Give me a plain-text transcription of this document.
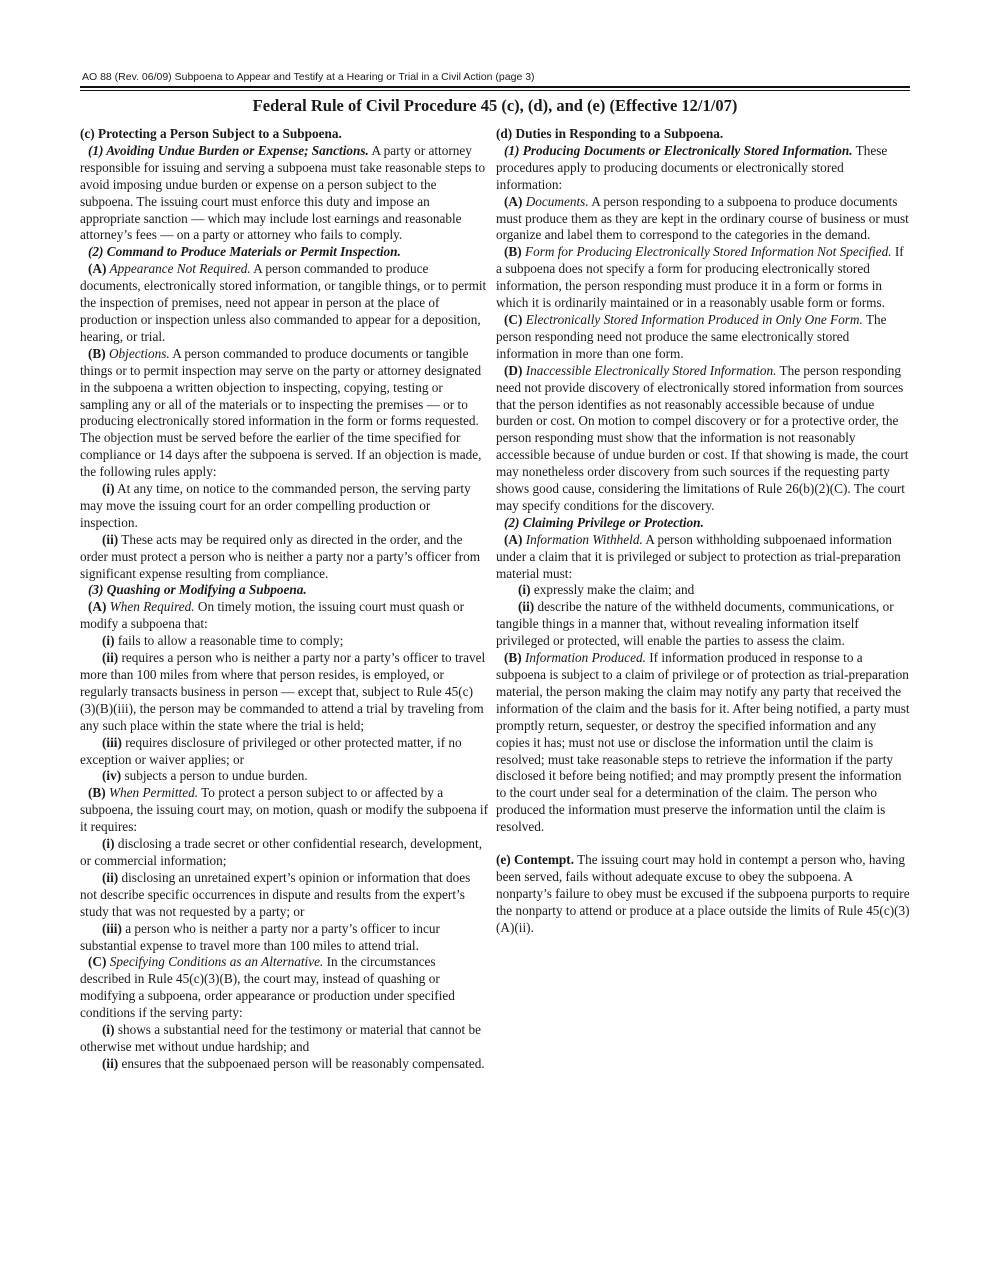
AO 88 (Rev. 06/09) Subpoena to Appear and Testify at a Hearing or Trial in a Civil Action (page 3)
Federal Rule of Civil Procedure 45 (c), (d), and (e) (Effective 12/1/07)

(c) Protecting a Person Subject to a Subpoena.

(1) Avoiding Undue Burden or Expense; Sanctions. A party or attorney responsible for issuing and serving a subpoena must take reasonable steps to avoid imposing undue burden or expense on a person subject to the subpoena. The issuing court must enforce this duty and impose an appropriate sanction — which may include lost earnings and reasonable attorney’s fees — on a party or attorney who fails to comply.

(2) Command to Produce Materials or Permit Inspection.

(A) Appearance Not Required. A person commanded to produce documents, electronically stored information, or tangible things, or to permit the inspection of premises, need not appear in person at the place of production or inspection unless also commanded to appear for a deposition, hearing, or trial.

(B) Objections. A person commanded to produce documents or tangible things or to permit inspection may serve on the party or attorney designated in the subpoena a written objection to inspecting, copying, testing or sampling any or all of the materials or to inspecting the premises — or to producing electronically stored information in the form or forms requested. The objection must be served before the earlier of the time specified for compliance or 14 days after the subpoena is served. If an objection is made, the following rules apply:

(i) At any time, on notice to the commanded person, the serving party may move the issuing court for an order compelling production or inspection.

(ii) These acts may be required only as directed in the order, and the order must protect a person who is neither a party nor a party’s officer from significant expense resulting from compliance.

(3) Quashing or Modifying a Subpoena.

(A) When Required. On timely motion, the issuing court must quash or modify a subpoena that:

(i) fails to allow a reasonable time to comply;

(ii) requires a person who is neither a party nor a party’s officer to travel more than 100 miles from where that person resides, is employed, or regularly transacts business in person — except that, subject to Rule 45(c)(3)(B)(iii), the person may be commanded to attend a trial by traveling from any such place within the state where the trial is held;

(iii) requires disclosure of privileged or other protected matter, if no exception or waiver applies; or

(iv) subjects a person to undue burden.

(B) When Permitted. To protect a person subject to or affected by a subpoena, the issuing court may, on motion, quash or modify the subpoena if it requires:

(i) disclosing a trade secret or other confidential research, development, or commercial information;

(ii) disclosing an unretained expert’s opinion or information that does not describe specific occurrences in dispute and results from the expert’s study that was not requested by a party; or

(iii) a person who is neither a party nor a party’s officer to incur substantial expense to travel more than 100 miles to attend trial.

(C) Specifying Conditions as an Alternative. In the circumstances described in Rule 45(c)(3)(B), the court may, instead of quashing or modifying a subpoena, order appearance or production under specified conditions if the serving party:

(i) shows a substantial need for the testimony or material that cannot be otherwise met without undue hardship; and

(ii) ensures that the subpoenaed person will be reasonably compensated.

(d) Duties in Responding to a Subpoena.

(1) Producing Documents or Electronically Stored Information. These procedures apply to producing documents or electronically stored information:

(A) Documents. A person responding to a subpoena to produce documents must produce them as they are kept in the ordinary course of business or must organize and label them to correspond to the categories in the demand.

(B) Form for Producing Electronically Stored Information Not Specified. If a subpoena does not specify a form for producing electronically stored information, the person responding must produce it in a form or forms in which it is ordinarily maintained or in a reasonably usable form or forms.

(C) Electronically Stored Information Produced in Only One Form. The person responding need not produce the same electronically stored information in more than one form.

(D) Inaccessible Electronically Stored Information. The person responding need not provide discovery of electronically stored information from sources that the person identifies as not reasonably accessible because of undue burden or cost. On motion to compel discovery or for a protective order, the person responding must show that the information is not reasonably accessible because of undue burden or cost. If that showing is made, the court may nonetheless order discovery from such sources if the requesting party shows good cause, considering the limitations of Rule 26(b)(2)(C). The court may specify conditions for the discovery.

(2) Claiming Privilege or Protection.

(A) Information Withheld. A person withholding subpoenaed information under a claim that it is privileged or subject to protection as trial-preparation material must:

(i) expressly make the claim; and

(ii) describe the nature of the withheld documents, communications, or tangible things in a manner that, without revealing information itself privileged or protected, will enable the parties to assess the claim.

(B) Information Produced. If information produced in response to a subpoena is subject to a claim of privilege or of protection as trial-preparation material, the person making the claim may notify any party that received the information of the claim and the basis for it. After being notified, a party must promptly return, sequester, or destroy the specified information and any copies it has; must not use or disclose the information until the claim is resolved; must take reasonable steps to retrieve the information if the party disclosed it before being notified; and may promptly present the information to the court under seal for a determination of the claim. The person who produced the information must preserve the information until the claim is resolved.

(e) Contempt. The issuing court may hold in contempt a person who, having been served, fails without adequate excuse to obey the subpoena. A nonparty’s failure to obey must be excused if the subpoena purports to require the nonparty to attend or produce at a place outside the limits of Rule 45(c)(3)(A)(ii).
